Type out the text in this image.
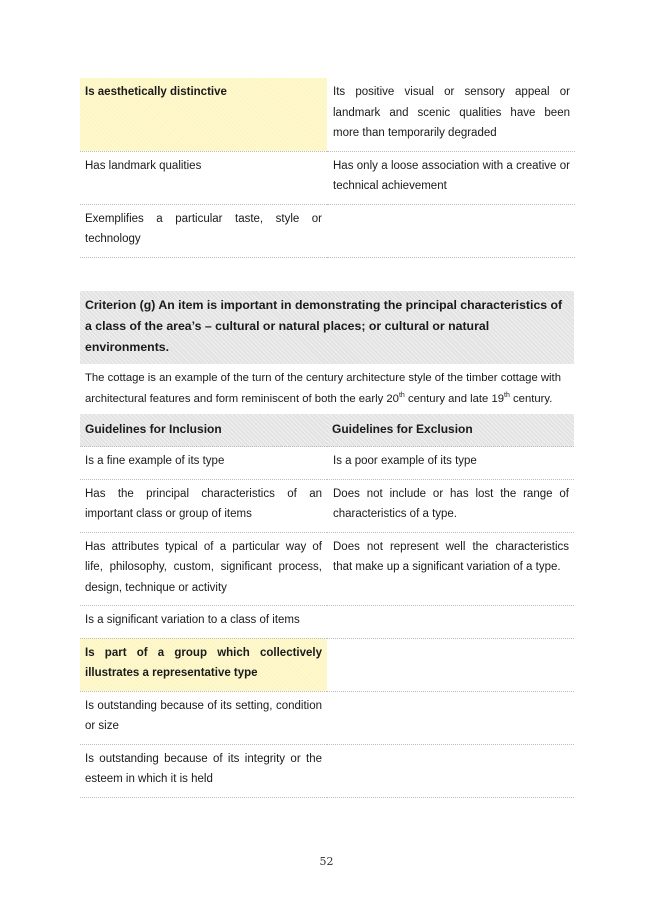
Is aesthetically distinctive	Its positive visual or sensory appeal or landmark and scenic qualities have been more than temporarily degraded
Has landmark qualities	Has only a loose association with a creative or technical achievement
Exemplifies a particular taste, style or technology	
Criterion (g) An item is important in demonstrating the principal characteristics of a class of the area’s – cultural or natural places; or cultural or natural environments.
The cottage is an example of the turn of the century architecture style of the timber cottage with architectural features and form reminiscent of both the early 20th century and late 19th century.
Guidelines for Inclusion	Guidelines for Exclusion
Is a fine example of its type	Is a poor example of its type
Has the principal characteristics of an important class or group of items	Does not include or has lost the range of characteristics of a type.
Has attributes typical of a particular way of life, philosophy, custom, significant process, design, technique or activity	Does not represent well the characteristics that make up a significant variation of a type.
Is a significant variation to a class of items	
Is part of a group which collectively illustrates a representative type	
Is outstanding because of its setting, condition or size	
Is outstanding because of its integrity or the esteem in which it is held	
52
